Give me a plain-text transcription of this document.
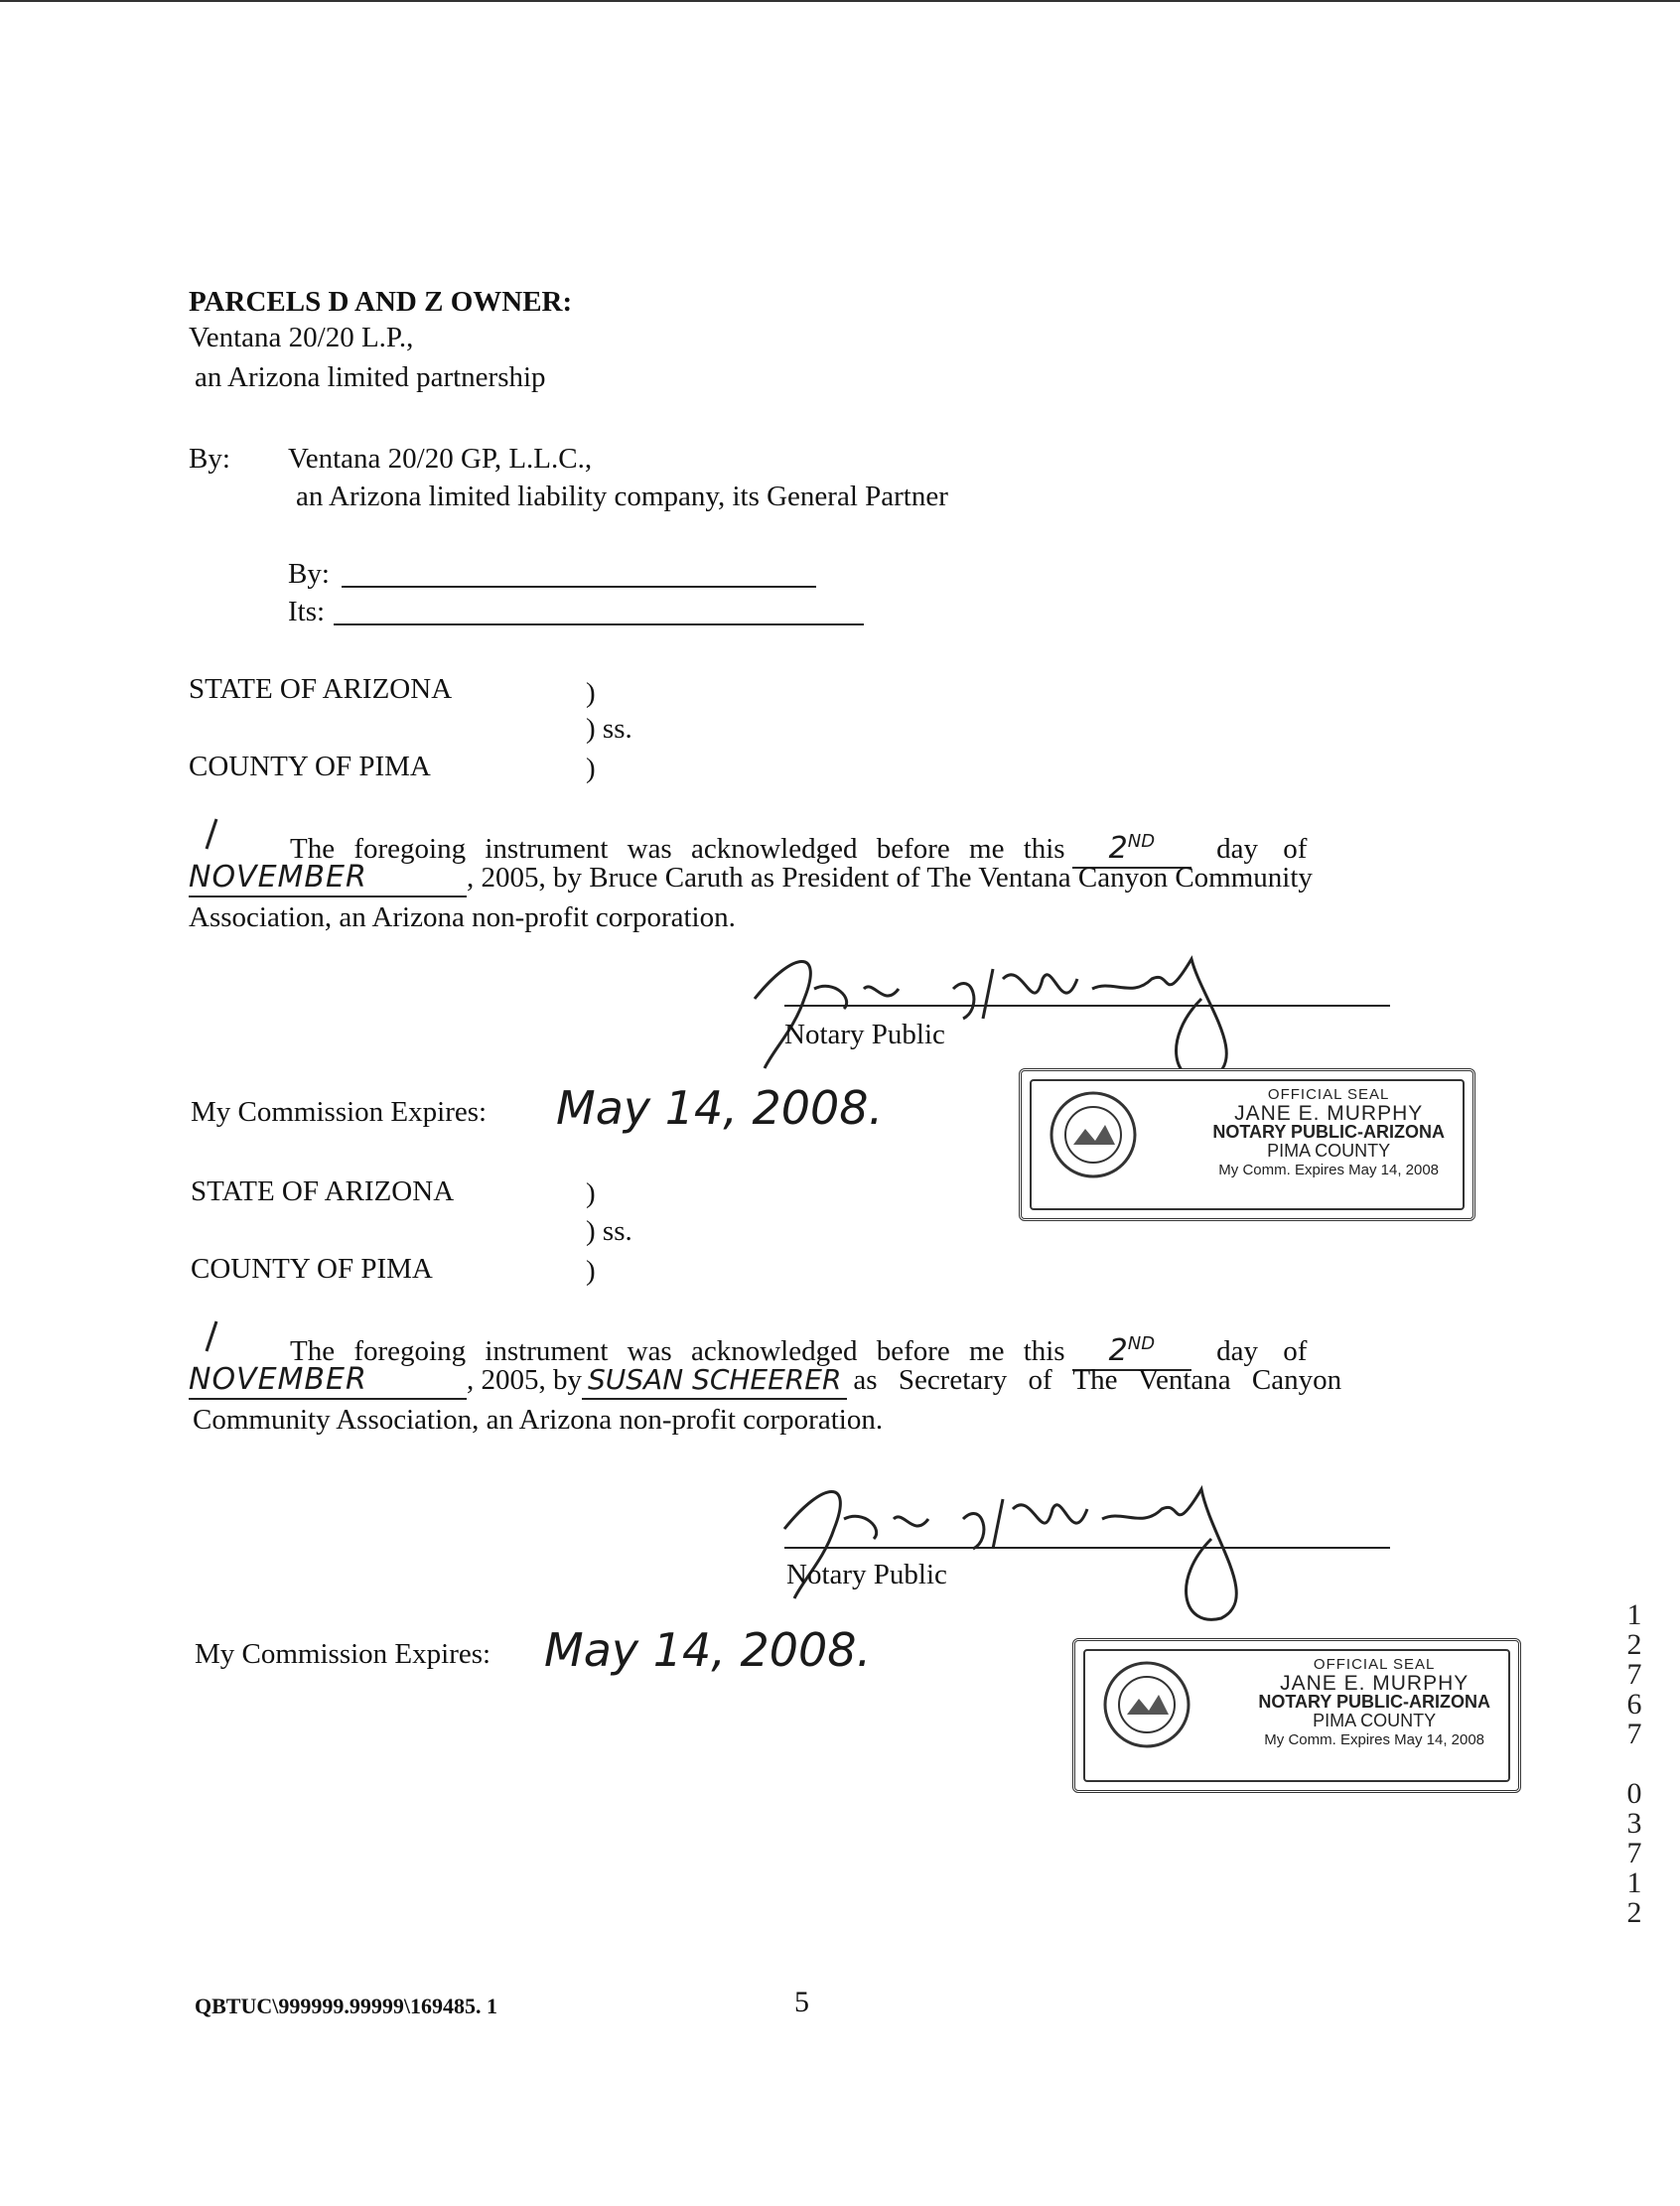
PARCELS D AND Z OWNER:
Ventana 20/20 L.P.,
an Arizona limited partnership
By: Ventana 20/20 GP, L.L.C.,
an Arizona limited liability company, its General Partner
By:
Its:
STATE OF ARIZONA	)
) ss.
COUNTY OF PIMA	)
The foregoing instrument was acknowledged before me this 2ND day of
NOVEMBER	, 2005, by Bruce Caruth as President of The Ventana Canyon Community
Association, an Arizona non-profit corporation.
Notary Public
My Commission Expires: May 14, 2008.	OFFICIAL SEAL
JANE E. MURPHY
NOTARY PUBLIC-ARIZONA
PIMA COUNTY
My Comm. Expires May 14, 2008
STATE OF ARIZONA	)
) ss.
COUNTY OF PIMA	)
The foregoing instrument was acknowledged before me this 2ND day of
NOVEMBER	, 2005, by SUSAN SCHEERER as Secretary of The Ventana Canyon
Community Association, an Arizona non-profit corporation.
Notary Public
My Commission Expires: May 14, 2008.	OFFICIAL SEAL
JANE E. MURPHY
NOTARY PUBLIC-ARIZONA
PIMA COUNTY
My Comm. Expires May 14, 2008
1
2
7
6
7

0
3
7
1
2
QBTUC\999999.99999\169485. 1	5
